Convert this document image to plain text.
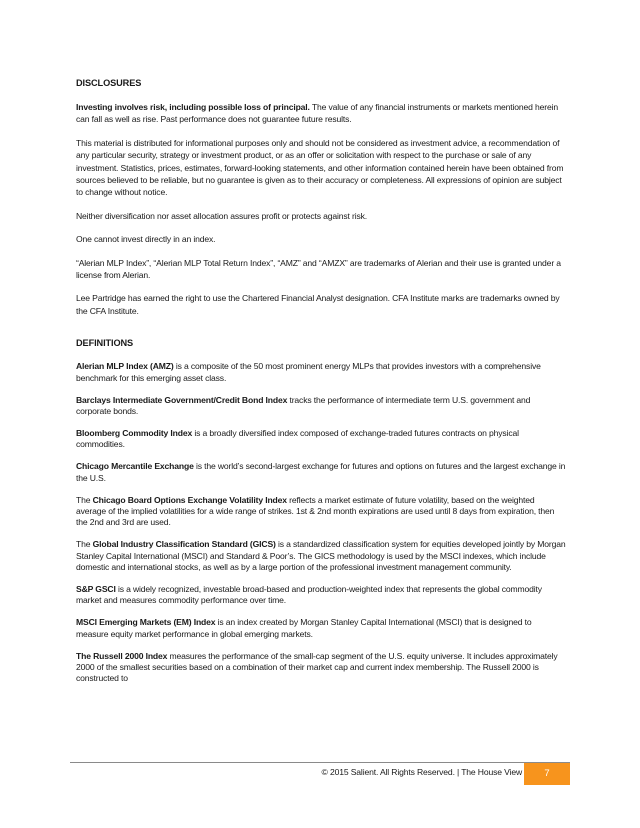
DISCLOSURES

Investing involves risk, including possible loss of principal. The value of any financial instruments or markets mentioned herein can fall as well as rise. Past performance does not guarantee future results.

This material is distributed for informational purposes only and should not be considered as investment advice, a recommendation of any particular security, strategy or investment product, or as an offer or solicitation with respect to the purchase or sale of any investment. Statistics, prices, estimates, forward-looking statements, and other information contained herein have been obtained from sources believed to be reliable, but no guarantee is given as to their accuracy or completeness. All expressions of opinion are subject to change without notice.

Neither diversification nor asset allocation assures profit or protects against risk.

One cannot invest directly in an index.

“Alerian MLP Index”, “Alerian MLP Total Return Index”, “AMZ” and “AMZX” are trademarks of Alerian and their use is granted under a license from Alerian.

Lee Partridge has earned the right to use the Chartered Financial Analyst designation. CFA Institute marks are trademarks owned by the CFA Institute.

DEFINITIONS

Alerian MLP Index (AMZ) is a composite of the 50 most prominent energy MLPs that provides investors with a comprehensive benchmark for this emerging asset class.

Barclays Intermediate Government/Credit Bond Index tracks the performance of intermediate term U.S. government and corporate bonds.

Bloomberg Commodity Index is a broadly diversified index composed of exchange-traded futures contracts on physical commodities.

Chicago Mercantile Exchange is the world’s second-largest exchange for futures and options on futures and the largest exchange in the U.S.

The Chicago Board Options Exchange Volatility Index reflects a market estimate of future volatility, based on the weighted average of the implied volatilities for a wide range of strikes. 1st & 2nd month expirations are used until 8 days from expiration, then the 2nd and 3rd are used.

The Global Industry Classification Standard (GICS) is a standardized classification system for equities developed jointly by Morgan Stanley Capital International (MSCI) and Standard & Poor’s. The GICS methodology is used by the MSCI indexes, which include domestic and international stocks, as well as by a large portion of the professional investment management community.

S&P GSCI is a widely recognized, investable broad-based and production-weighted index that represents the global commodity market and measures commodity performance over time.

MSCI Emerging Markets (EM) Index is an index created by Morgan Stanley Capital International (MSCI) that is designed to measure equity market performance in global emerging markets.

The Russell 2000 Index measures the performance of the small-cap segment of the U.S. equity universe. It includes approximately 2000 of the smallest securities based on a combination of their market cap and current index membership. The Russell 2000 is constructed to

© 2015 Salient. All Rights Reserved. | The House View	7
